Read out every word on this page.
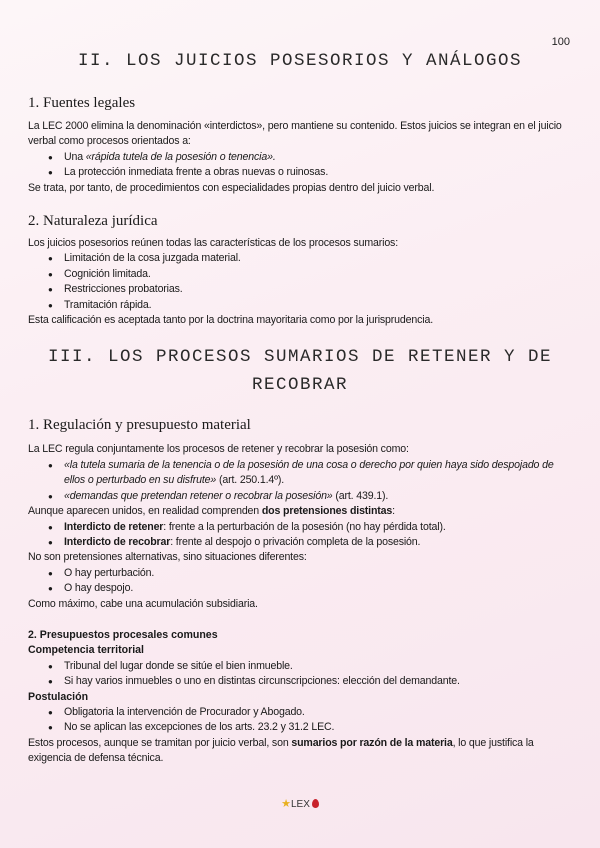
100
II. LOS JUICIOS POSESORIOS Y ANÁLOGOS
1. Fuentes legales

La LEC 2000 elimina la denominación «interdictos», pero mantiene su contenido. Estos juicios se integran en el juicio verbal como procesos orientados a:

● Una «rápida tutela de la posesión o tenencia».
● La protección inmediata frente a obras nuevas o ruinosas.

Se trata, por tanto, de procedimientos con especialidades propias dentro del juicio verbal.

2. Naturaleza jurídica

Los juicios posesorios reúnen todas las características de los procesos sumarios:

● Limitación de la cosa juzgada material.
● Cognición limitada.
● Restricciones probatorias.
● Tramitación rápida.

Esta calificación es aceptada tanto por la doctrina mayoritaria como por la jurisprudencia.

III. LOS PROCESOS SUMARIOS DE RETENER Y DE
RECOBRAR
1. Regulación y presupuesto material

La LEC regula conjuntamente los procesos de retener y recobrar la posesión como:

● «la tutela sumaria de la tenencia o de la posesión de una cosa o derecho por quien haya sido despojado de ellos o perturbado en su disfrute» (art. 250.1.4º).
● «demandas que pretendan retener o recobrar la posesión» (art. 439.1).

Aunque aparecen unidos, en realidad comprenden dos pretensiones distintas:

● Interdicto de retener: frente a la perturbación de la posesión (no hay pérdida total).
● Interdicto de recobrar: frente al despojo o privación completa de la posesión.

No son pretensiones alternativas, sino situaciones diferentes:

● O hay perturbación.
● O hay despojo.

Como máximo, cabe una acumulación subsidiaria.

2. Presupuestos procesales comunes

Competencia territorial

● Tribunal del lugar donde se sitúe el bien inmueble.
● Si hay varios inmuebles o uno en distintas circunscripciones: elección del demandante.

Postulación

● Obligatoria la intervención de Procurador y Abogado.
● No se aplican las excepciones de los arts. 23.2 y 31.2 LEC.

Estos procesos, aunque se tramitan por juicio verbal, son sumarios por razón de la materia, lo que justifica la exigencia de defensa técnica.

★LEX
